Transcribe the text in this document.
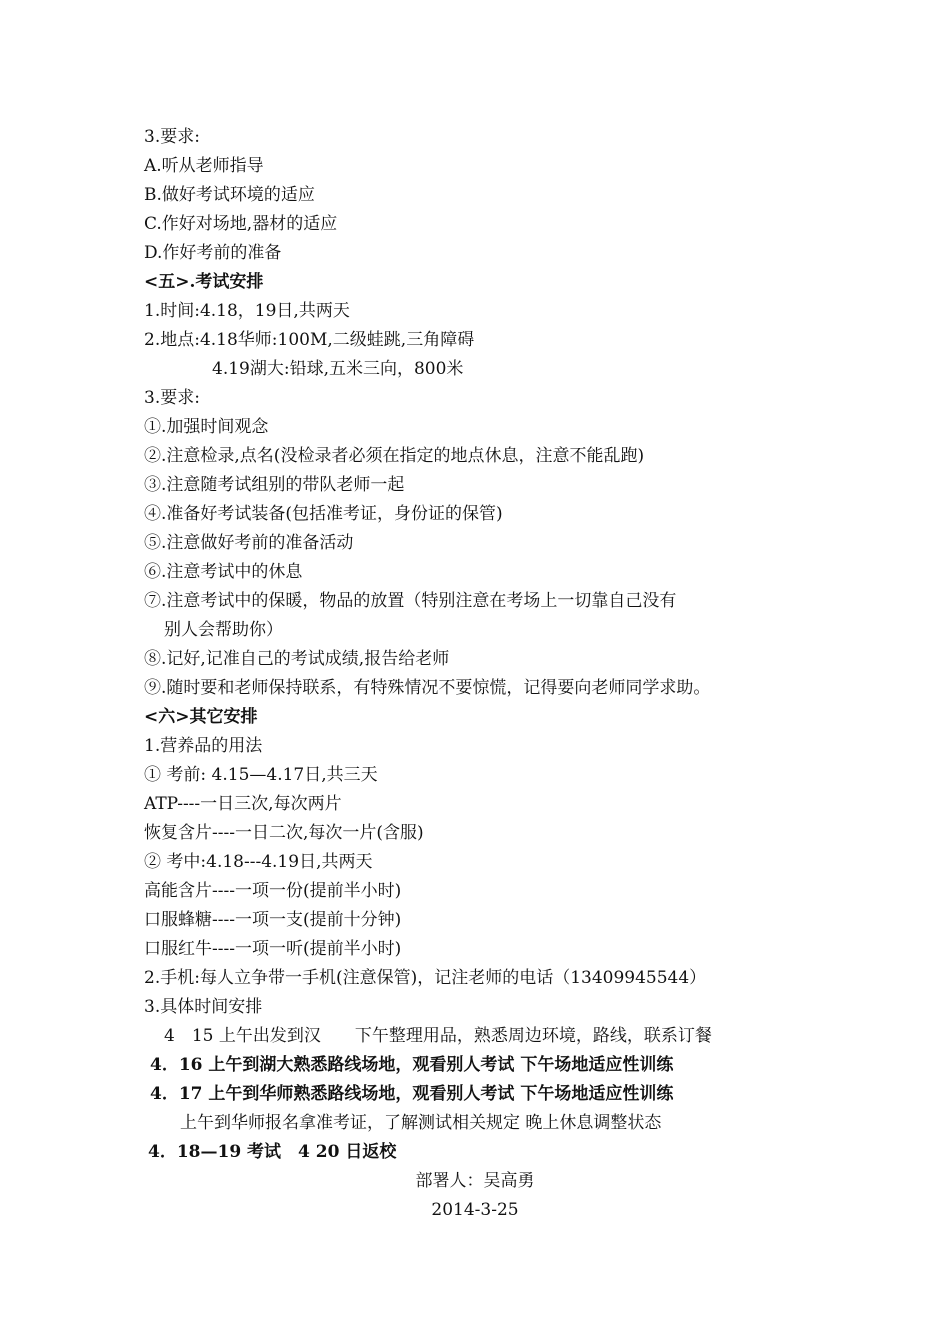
3.要求:
A.听从老师指导
B.做好考试环境的适应
C.作好对场地,器材的适应
D.作好考前的准备
<五>.考试安排
1.时间:4.18，19日,共两天
2.地点:4.18华师:100M,二级蛙跳,三角障碍
4.19湖大:铅球,五米三向，800米
3.要求:
①.加强时间观念
②.注意检录,点名(没检录者必须在指定的地点休息，注意不能乱跑)
③.注意随考试组别的带队老师一起
④.准备好考试装备(包括准考证，身份证的保管)
⑤.注意做好考前的准备活动
⑥.注意考试中的休息
⑦.注意考试中的保暖，物品的放置（特别注意在考场上一切靠自己没有
别人会帮助你）
⑧.记好,记准自己的考试成绩,报告给老师
⑨.随时要和老师保持联系，有特殊情况不要惊慌，记得要向老师同学求助。
<六>其它安排
1.营养品的用法
① 考前: 4.15—4.17日,共三天
ATP----一日三次,每次两片
恢复含片----一日二次,每次一片(含服)
② 考中:4.18---4.19日,共两天
高能含片----一项一份(提前半小时)
口服蜂糖----一项一支(提前十分钟)
口服红牛----一项一听(提前半小时)
2.手机:每人立争带一手机(注意保管)，记注老师的电话（13409945544）
3.具体时间安排
4　15 上午出发到汉　　下午整理用品，熟悉周边环境，路线，联系订餐
4．16 上午到湖大熟悉路线场地，观看别人考试 下午场地适应性训练
4．17 上午到华师熟悉路线场地，观看别人考试 下午场地适应性训练
上午到华师报名拿准考证，了解测试相关规定 晚上休息调整状态
4．18—19 考试　4 20 日返校
部署人：吴高勇
2014-3-25
